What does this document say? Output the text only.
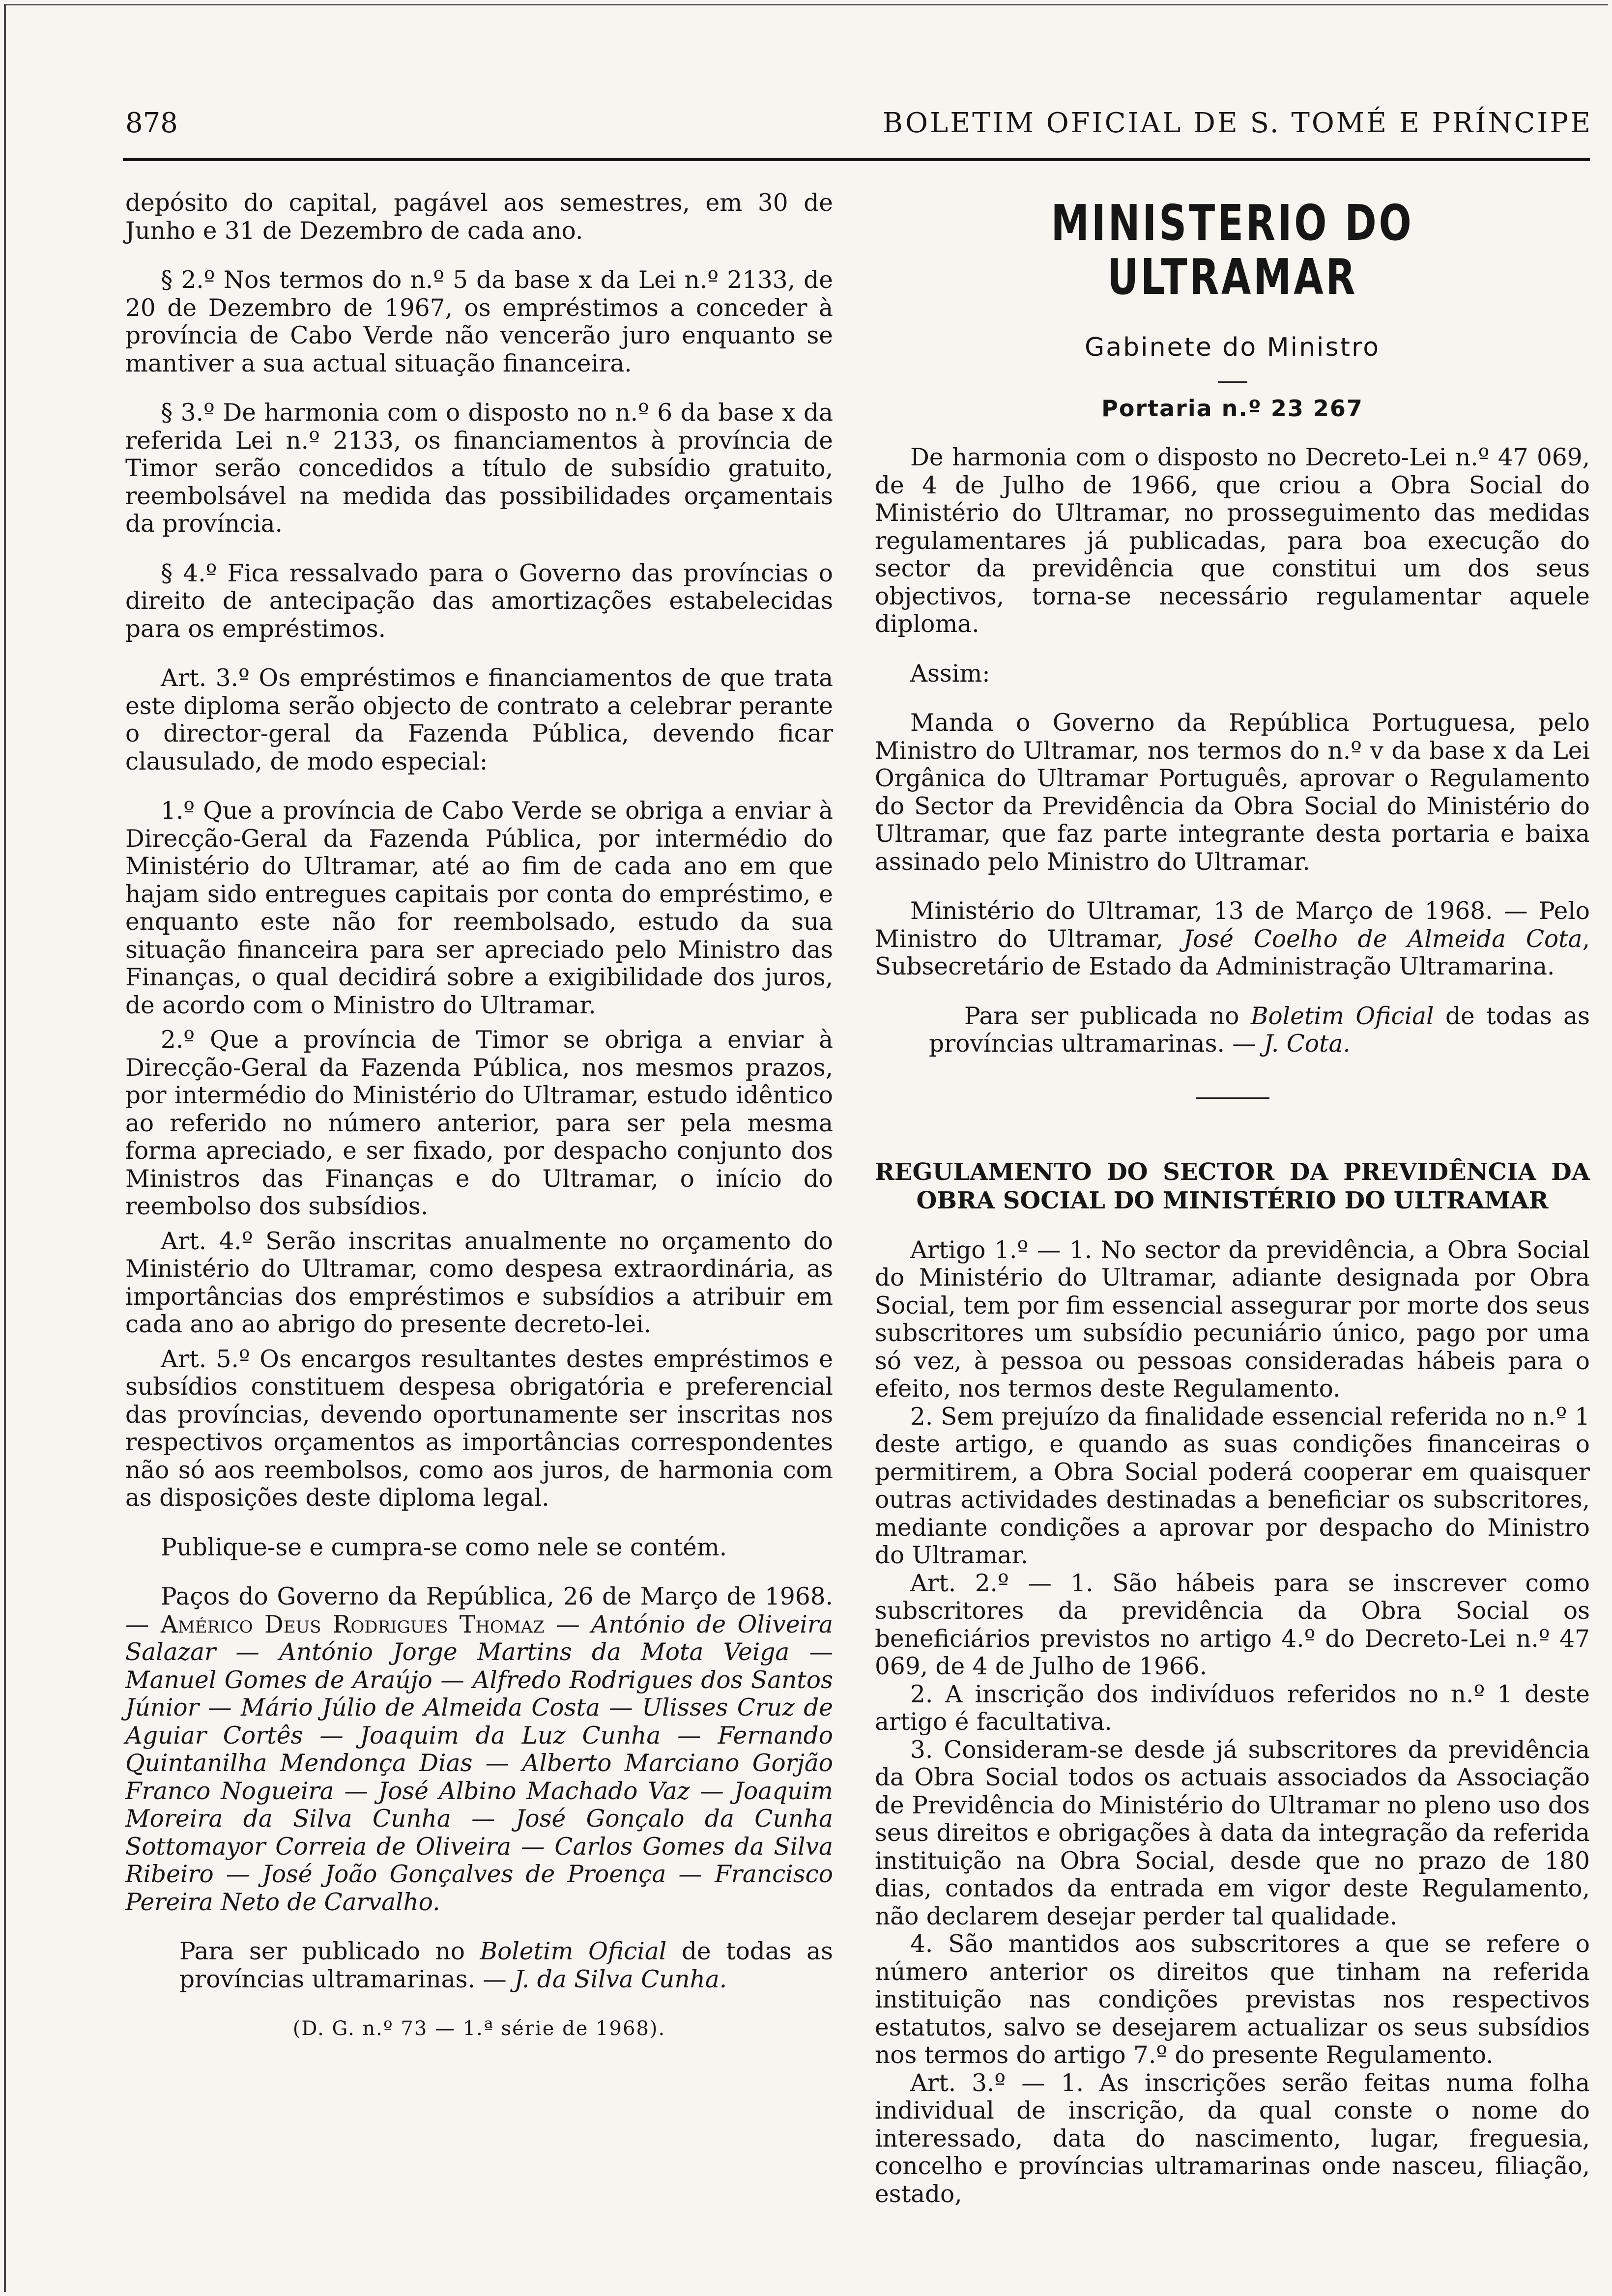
878	BOLETIM OFICIAL DE S. TOMÉ E PRÍNCIPE

depósito do capital, pagável aos semestres, em 30 de Junho e 31 de Dezembro de cada ano.

§ 2.º Nos termos do n.º 5 da base x da Lei n.º 2133, de 20 de Dezembro de 1967, os empréstimos a conceder à província de Cabo Verde não vencerão juro enquanto se mantiver a sua actual situação financeira.

§ 3.º De harmonia com o disposto no n.º 6 da base x da referida Lei n.º 2133, os financiamentos à província de Timor serão concedidos a título de subsídio gratuito, reembolsável na medida das possibilidades orçamentais da província.

§ 4.º Fica ressalvado para o Governo das províncias o direito de antecipação das amortizações estabelecidas para os empréstimos.

Art. 3.º Os empréstimos e financiamentos de que trata este diploma serão objecto de contrato a celebrar perante o director-geral da Fazenda Pública, devendo ficar clausulado, de modo especial:

1.º Que a província de Cabo Verde se obriga a enviar à Direcção-Geral da Fazenda Pública, por intermédio do Ministério do Ultramar, até ao fim de cada ano em que hajam sido entregues capitais por conta do empréstimo, e enquanto este não for reembolsado, estudo da sua situação financeira para ser apreciado pelo Ministro das Finanças, o qual decidirá sobre a exigibilidade dos juros, de acordo com o Ministro do Ultramar.

2.º Que a província de Timor se obriga a enviar à Direcção-Geral da Fazenda Pública, nos mesmos prazos, por intermédio do Ministério do Ultramar, estudo idêntico ao referido no número anterior, para ser pela mesma forma apreciado, e ser fixado, por despacho conjunto dos Ministros das Finanças e do Ultramar, o início do reembolso dos subsídios.

Art. 4.º Serão inscritas anualmente no orçamento do Ministério do Ultramar, como despesa extraordinária, as importâncias dos empréstimos e subsídios a atribuir em cada ano ao abrigo do presente decreto-lei.

Art. 5.º Os encargos resultantes destes empréstimos e subsídios constituem despesa obrigatória e preferencial das províncias, devendo oportunamente ser inscritas nos respectivos orçamentos as importâncias correspondentes não só aos reembolsos, como aos juros, de harmonia com as disposições deste diploma legal.

Publique-se e cumpra-se como nele se contém.

Paços do Governo da República, 26 de Março de 1968. — Américo Deus Rodrigues Thomaz — António de Oliveira Salazar — António Jorge Martins da Mota Veiga — Manuel Gomes de Araújo — Alfredo Rodrigues dos Santos Júnior — Mário Júlio de Almeida Costa — Ulisses Cruz de Aguiar Cortês — Joaquim da Luz Cunha — Fernando Quintanilha Mendonça Dias — Alberto Marciano Gorjão Franco Nogueira — José Albino Machado Vaz — Joaquim Moreira da Silva Cunha — José Gonçalo da Cunha Sottomayor Correia de Oliveira — Carlos Gomes da Silva Ribeiro — José João Gonçalves de Proença — Francisco Pereira Neto de Carvalho.

Para ser publicado no Boletim Oficial de todas as províncias ultramarinas. — J. da Silva Cunha.

(D. G. n.º 73 — 1.ª série de 1968).

MINISTERIO DO ULTRAMAR
Gabinete do Ministro
Portaria n.º 23 267

De harmonia com o disposto no Decreto-Lei n.º 47 069, de 4 de Julho de 1966, que criou a Obra Social do Ministério do Ultramar, no prosseguimento das medidas regulamentares já publicadas, para boa execução do sector da previdência que constitui um dos seus objectivos, torna-se necessário regulamentar aquele diploma.

Assim:

Manda o Governo da República Portuguesa, pelo Ministro do Ultramar, nos termos do n.º v da base x da Lei Orgânica do Ultramar Português, aprovar o Regulamento do Sector da Previdência da Obra Social do Ministério do Ultramar, que faz parte integrante desta portaria e baixa assinado pelo Ministro do Ultramar.

Ministério do Ultramar, 13 de Março de 1968. — Pelo Ministro do Ultramar, José Coelho de Almeida Cota, Subsecretário de Estado da Administração Ultramarina.

Para ser publicada no Boletim Oficial de todas as províncias ultramarinas. — J. Cota.

REGULAMENTO DO SECTOR DA PREVIDÊNCIA DA OBRA SOCIAL DO MINISTÉRIO DO ULTRAMAR

Artigo 1.º — 1. No sector da previdência, a Obra Social do Ministério do Ultramar, adiante designada por Obra Social, tem por fim essencial assegurar por morte dos seus subscritores um subsídio pecuniário único, pago por uma só vez, à pessoa ou pessoas consideradas hábeis para o efeito, nos termos deste Regulamento.

2. Sem prejuízo da finalidade essencial referida no n.º 1 deste artigo, e quando as suas condições financeiras o permitirem, a Obra Social poderá cooperar em quaisquer outras actividades destinadas a beneficiar os subscritores, mediante condições a aprovar por despacho do Ministro do Ultramar.

Art. 2.º — 1. São hábeis para se inscrever como subscritores da previdência da Obra Social os beneficiários previstos no artigo 4.º do Decreto-Lei n.º 47 069, de 4 de Julho de 1966.

2. A inscrição dos indivíduos referidos no n.º 1 deste artigo é facultativa.

3. Consideram-se desde já subscritores da previdência da Obra Social todos os actuais associados da Associação de Previdência do Ministério do Ultramar no pleno uso dos seus direitos e obrigações à data da integração da referida instituição na Obra Social, desde que no prazo de 180 dias, contados da entrada em vigor deste Regulamento, não declarem desejar perder tal qualidade.

4. São mantidos aos subscritores a que se refere o número anterior os direitos que tinham na referida instituição nas condições previstas nos respectivos estatutos, salvo se desejarem actualizar os seus subsídios nos termos do artigo 7.º do presente Regulamento.

Art. 3.º — 1. As inscrições serão feitas numa folha individual de inscrição, da qual conste o nome do interessado, data do nascimento, lugar, freguesia, concelho e províncias ultramarinas onde nasceu, filiação, estado,
